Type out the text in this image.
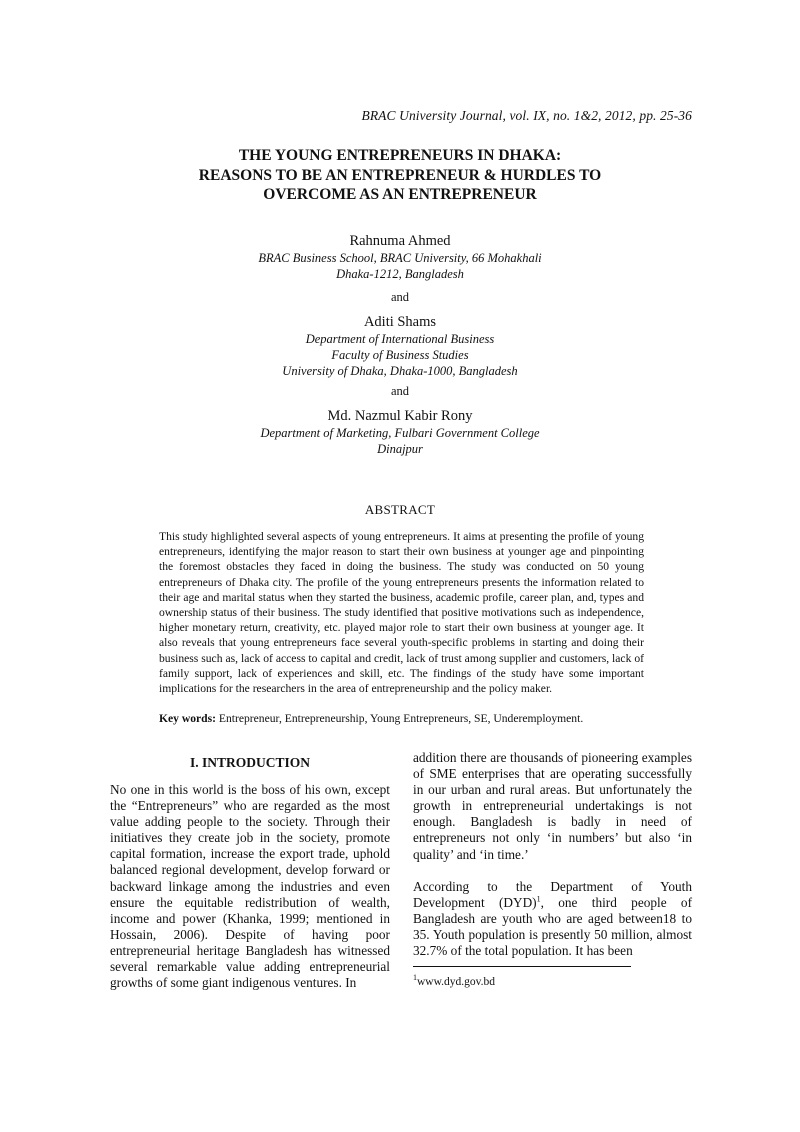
BRAC University Journal, vol. IX, no. 1&2, 2012, pp. 25-36
THE YOUNG ENTREPRENEURS IN DHAKA:
REASONS TO BE AN ENTREPRENEUR & HURDLES TO
OVERCOME AS AN ENTREPRENEUR
Rahnuma Ahmed
BRAC Business School, BRAC University, 66 Mohakhali
Dhaka-1212, Bangladesh
and
Aditi Shams
Department of International Business
Faculty of Business Studies
University of Dhaka, Dhaka-1000, Bangladesh
and
Md. Nazmul Kabir Rony
Department of Marketing, Fulbari Government College
Dinajpur
ABSTRACT
This study highlighted several aspects of young entrepreneurs. It aims at presenting the profile of young entrepreneurs, identifying the major reason to start their own business at younger age and pinpointing the foremost obstacles they faced in doing the business. The study was conducted on 50 young entrepreneurs of Dhaka city. The profile of the young entrepreneurs presents the information related to their age and marital status when they started the business, academic profile, career plan, and, types and ownership status of their business. The study identified that positive motivations such as independence, higher monetary return, creativity, etc. played major role to start their own business at younger age. It also reveals that young entrepreneurs face several youth-specific problems in starting and doing their business such as, lack of access to capital and credit, lack of trust among supplier and customers, lack of family support, lack of experiences and skill, etc. The findings of the study have some important implications for the researchers in the area of entrepreneurship and the policy maker.
Key words: Entrepreneur, Entrepreneurship, Young Entrepreneurs, SE, Underemployment.
I. INTRODUCTION

No one in this world is the boss of his own, except the “Entrepreneurs” who are regarded as the most value adding people to the society. Through their initiatives they create job in the society, promote capital formation, increase the export trade, uphold balanced regional development, develop forward or backward linkage among the industries and even ensure the equitable redistribution of wealth, income and power (Khanka, 1999; mentioned in Hossain, 2006). Despite of having poor entrepreneurial heritage Bangladesh has witnessed several remarkable value adding entrepreneurial growths of some giant indigenous ventures. In

addition there are thousands of pioneering examples of SME enterprises that are operating successfully in our urban and rural areas. But unfortunately the growth in entrepreneurial undertakings is not enough. Bangladesh is badly in need of entrepreneurs not only ‘in numbers’ but also ‘in quality’ and ‘in time.’

According to the Department of Youth Development (DYD)$^1$, one third people of Bangladesh are youth who are aged between18 to 35. Youth population is presently 50 million, almost 32.7% of the total population. It has been

$^1$www.dyd.gov.bd
